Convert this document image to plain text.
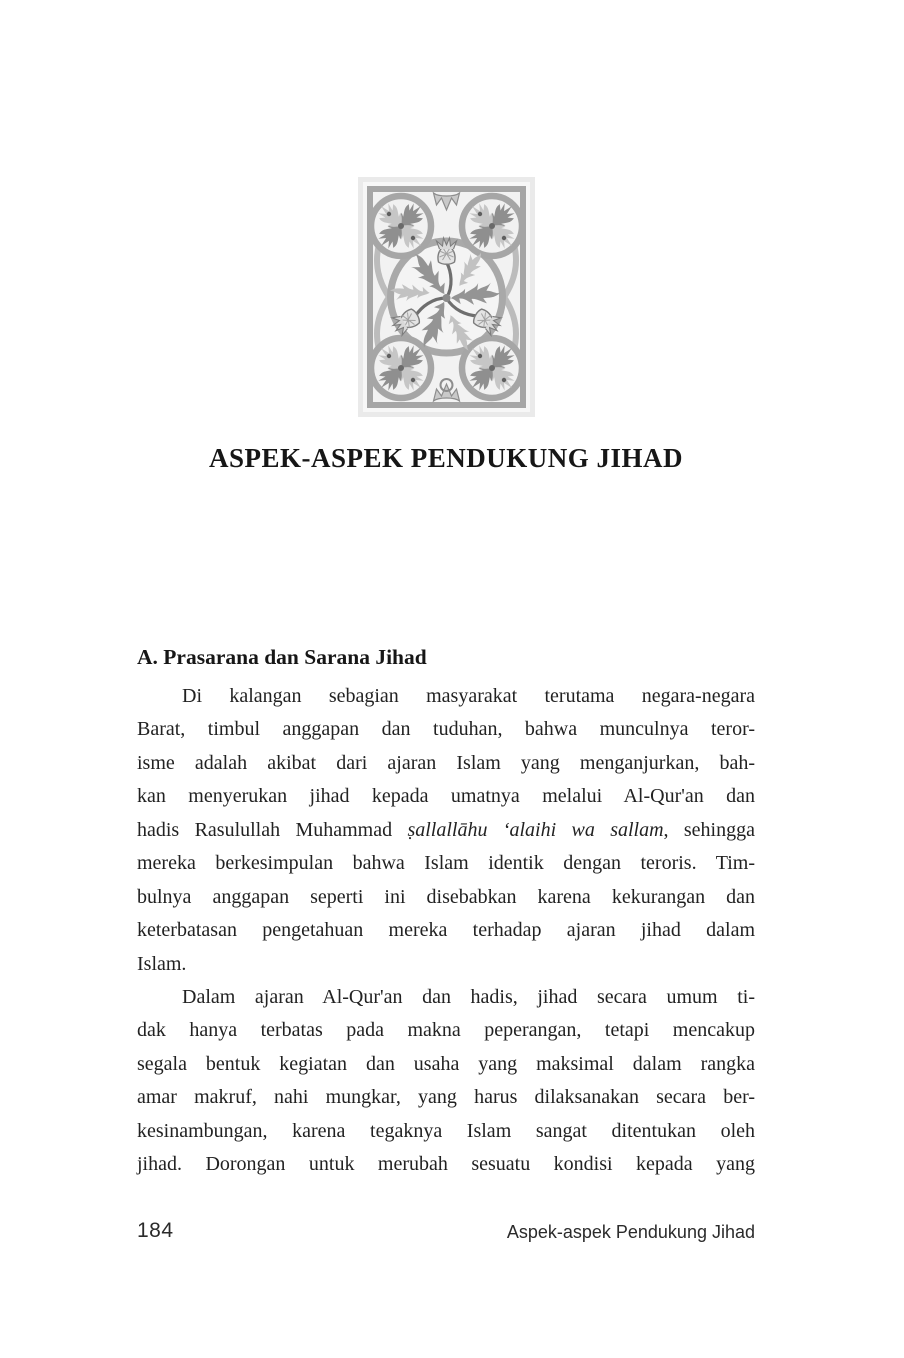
ASPEK-ASPEK PENDUKUNG JIHAD
A. Prasarana dan Sarana Jihad
Di kalangan sebagian masyarakat terutama negara-negara
Barat, timbul anggapan dan tuduhan, bahwa munculnya teror-
isme adalah akibat dari ajaran Islam yang menganjurkan, bah-
kan menyerukan jihad kepada umatnya melalui Al-Qur'an dan
hadis Rasulullah Muhammad ṣallallāhu ‘alaihi wa sallam, sehingga
mereka berkesimpulan bahwa Islam identik dengan teroris. Tim-
bulnya anggapan seperti ini disebabkan karena kekurangan dan
keterbatasan pengetahuan mereka terhadap ajaran jihad dalam
Islam.
Dalam ajaran Al-Qur'an dan hadis, jihad secara umum ti-
dak hanya terbatas pada makna peperangan, tetapi mencakup
segala bentuk kegiatan dan usaha yang maksimal dalam rangka
amar makruf, nahi mungkar, yang harus dilaksanakan secara ber-
kesinambungan, karena tegaknya Islam sangat ditentukan oleh
jihad. Dorongan untuk merubah sesuatu kondisi kepada yang
184	Aspek-aspek Pendukung Jihad
